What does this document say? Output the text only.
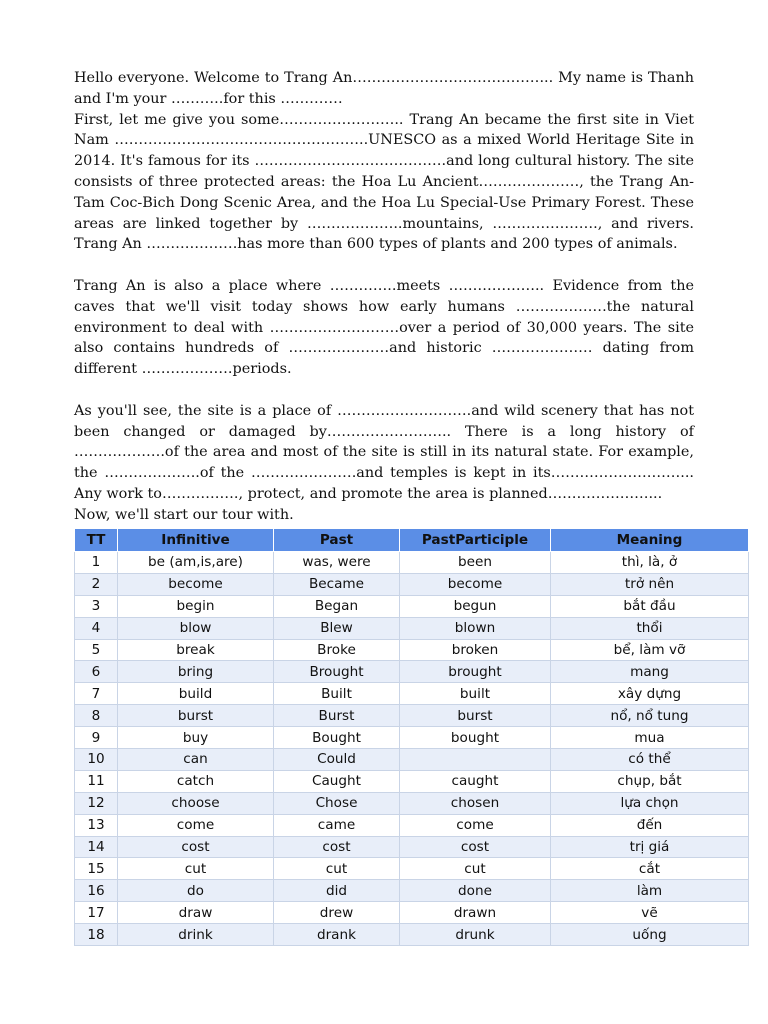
Hello everyone. Welcome to Trang An…………………………………... My name is Thanh and I'm your ………..for this ………….

First, let me give you some…………………….. Trang An became the first site in Viet Nam ……………………………………………..UNESCO as a mixed World Heritage Site in 2014. It's famous for its ………………………………….and long cultural history. The site consists of three protected areas: the Hoa Lu Ancient…………………, the Trang An-Tam Coc-Bich Dong Scenic Area, and the Hoa Lu Special-Use Primary Forest. These areas are linked together by ………………..mountains, …………………., and rivers. Trang An ……………….has more than 600 types of plants and 200 types of animals.

Trang An is also a place where …………..meets ……………….. Evidence from the caves that we'll visit today shows how early humans ……………….the natural environment to deal with ………………………over a period of 30,000 years. The site also contains hundreds of …………………and historic ………………… dating from different ……………….periods.

As you'll see, the site is a place of ……………………….and wild scenery that has not been changed or damaged by…………………….. There is a long history of ……………….of the area and most of the site is still in its natural state. For example, the ………………..of the ………………….and temples is kept in its………………………... Any work to……………., protect, and promote the area is planned…………………...

Now, we'll start our tour with.

TT	Infinitive	Past	PastParticiple	Meaning
1	be (am,is,are)	was, were	been	thì, là, ở
2	become	Became	become	trở nên
3	begin	Began	begun	bắt đầu
4	blow	Blew	blown	thổi
5	break	Broke	broken	bể, làm vỡ
6	bring	Brought	brought	mang
7	build	Built	built	xây dựng
8	burst	Burst	burst	nổ, nổ tung
9	buy	Bought	bought	mua
10	can	Could		có thể
11	catch	Caught	caught	chụp, bắt
12	choose	Chose	chosen	lựa chọn
13	come	came	come	đến
14	cost	cost	cost	trị giá
15	cut	cut	cut	cắt
16	do	did	done	làm
17	draw	drew	drawn	vẽ
18	drink	drank	drunk	uống
